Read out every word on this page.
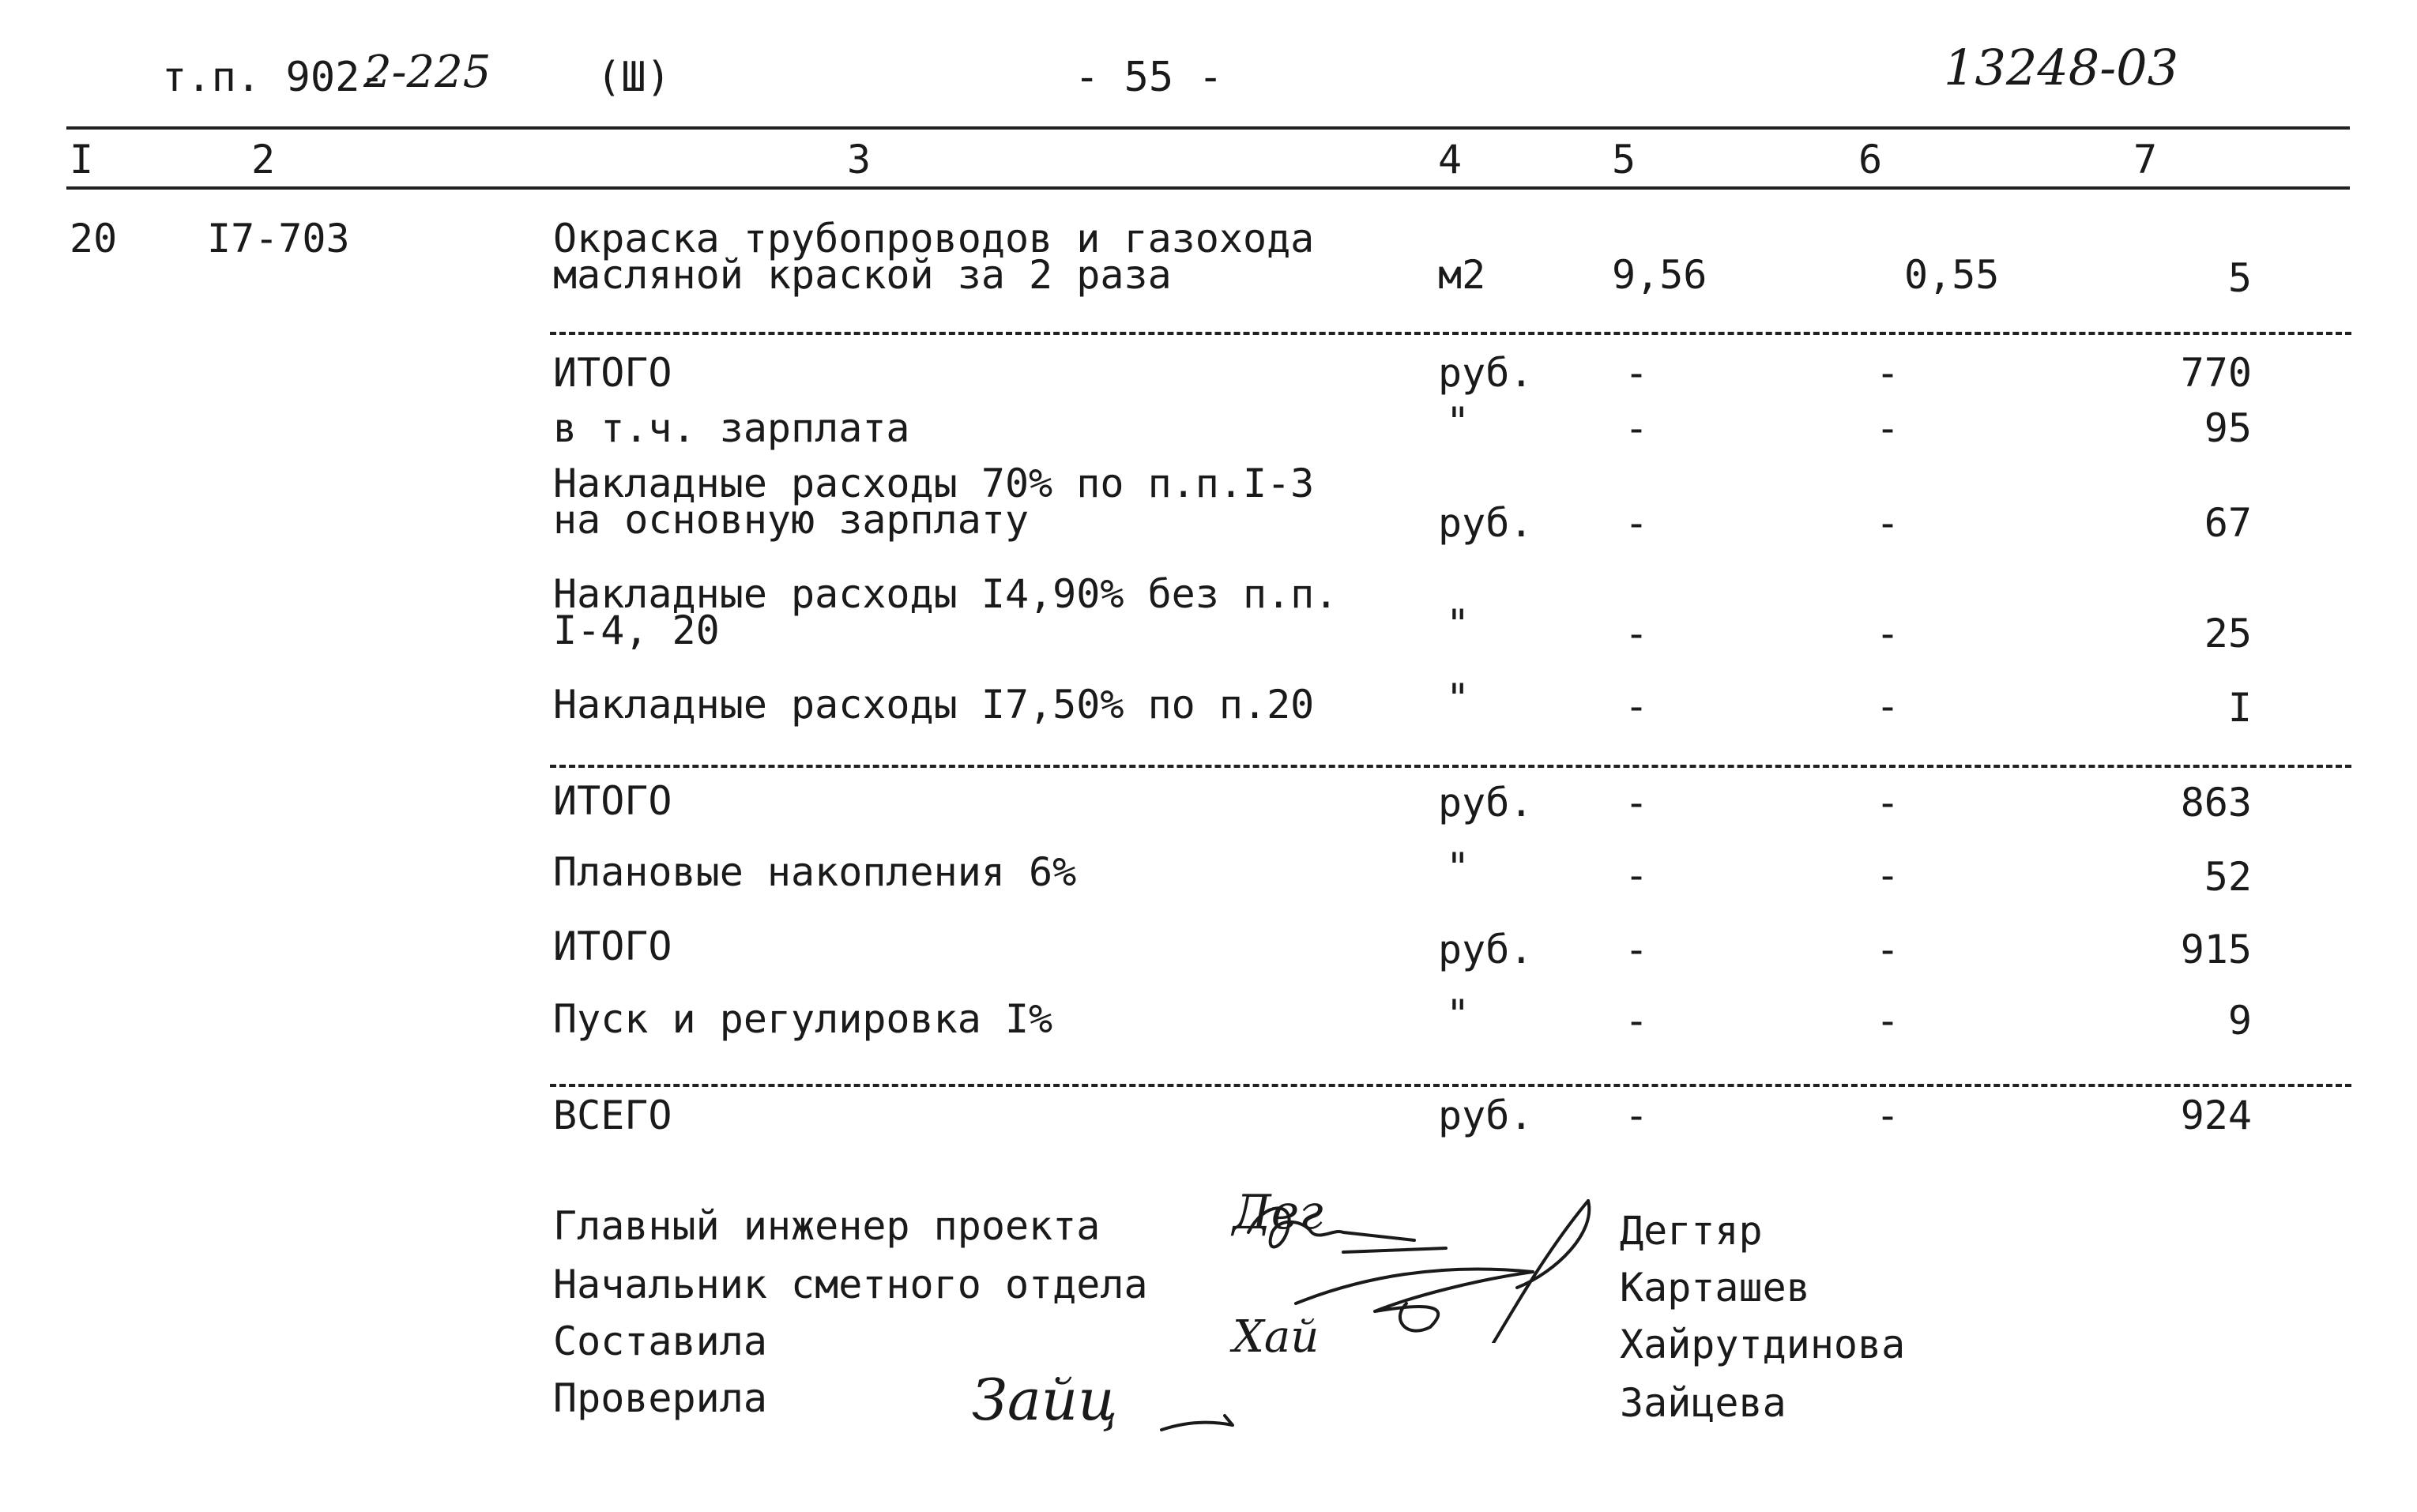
т.п. 902-
2-225	(Ш)	- 55 -	13248-03
I	2	3	4	5	6	7
20 I7-703	Окраска трубопроводов и газохода
масляной краской за 2 раза	м2	9,56	0,55	5
ИТОГО	руб. -	-	770
в т.ч. зарплата	"	-	-	95
Накладные расходы 70% по п.п.I-3
на основную зарплату	руб. -	-	67
Накладные расходы I4,90% без п.п.
I-4, 20	"	-	-	25
Накладные расходы I7,50% по п.20	"	-	-	I
ИТОГО	руб. -	-	863
Плановые накопления 6%	"	-	-	52
ИТОГО	руб. -	-	915
Пуск и регулировка I%	"	-	-	9
ВСЕГО	руб. -	-	924
Главный инженер проекта
Начальник сметного отдела
Составила
Проверила
Дегтяр
Карташев
Хайрутдинова
Зайцева
Хай
Дег
Зайц
